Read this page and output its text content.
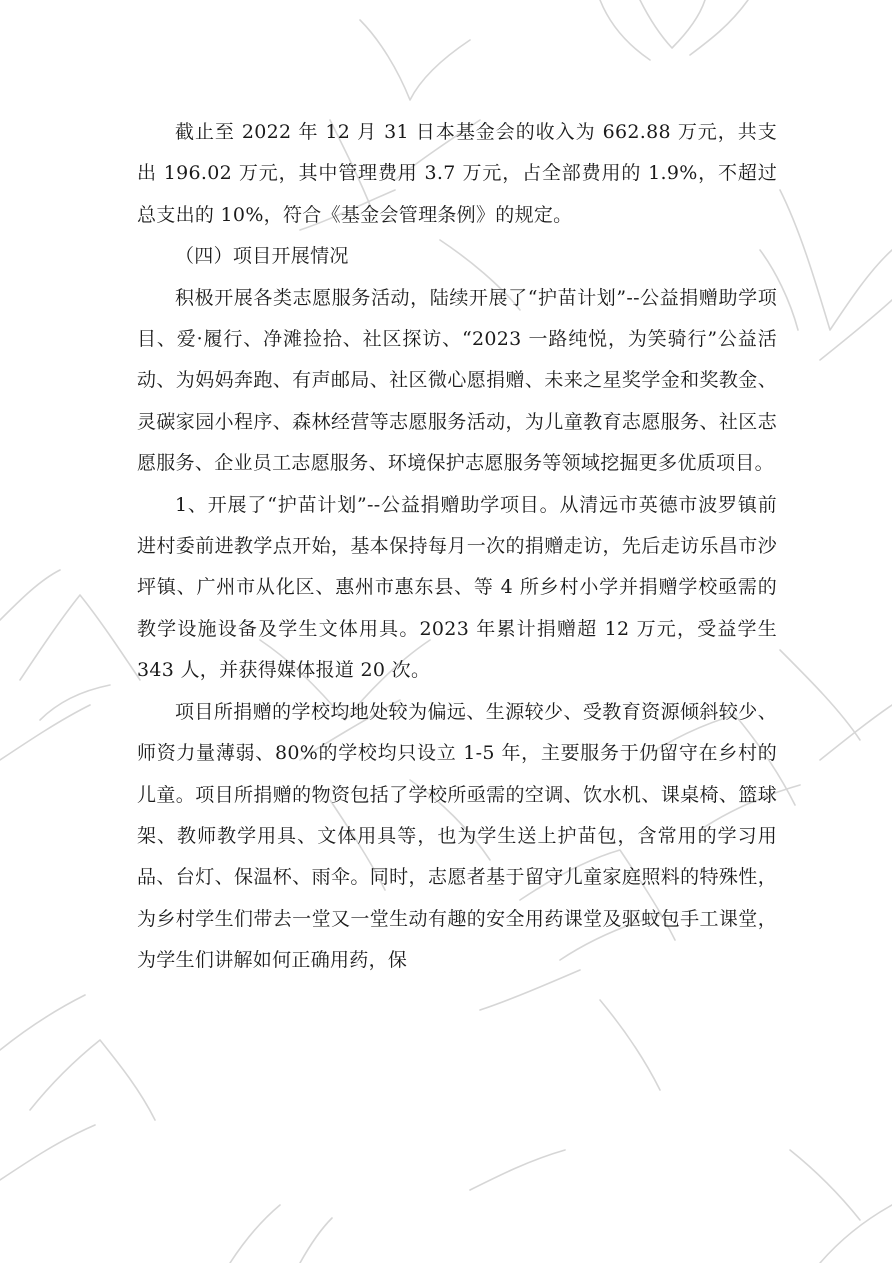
截止至 2022 年 12 月 31 日本基金会的收入为 662.88 万元，共支出 196.02 万元，其中管理费用 3.7 万元，占全部费用的 1.9%，不超过总支出的 10%，符合《基金会管理条例》的规定。

（四）项目开展情况

积极开展各类志愿服务活动，陆续开展了“护苗计划”--公益捐赠助学项目、爱·履行、净滩捡拾、社区探访、“2023 一路纯悦，为笑骑行”公益活动、为妈妈奔跑、有声邮局、社区微心愿捐赠、未来之星奖学金和奖教金、灵碳家园小程序、森林经营等志愿服务活动，为儿童教育志愿服务、社区志愿服务、企业员工志愿服务、环境保护志愿服务等领域挖掘更多优质项目。

1、开展了“护苗计划”--公益捐赠助学项目。从清远市英德市波罗镇前进村委前进教学点开始，基本保持每月一次的捐赠走访，先后走访乐昌市沙坪镇、广州市从化区、惠州市惠东县、等 4 所乡村小学并捐赠学校亟需的教学设施设备及学生文体用具。2023 年累计捐赠超 12 万元，受益学生 343 人，并获得媒体报道 20 次。

项目所捐赠的学校均地处较为偏远、生源较少、受教育资源倾斜较少、师资力量薄弱、80%的学校均只设立 1-5 年，主要服务于仍留守在乡村的儿童。项目所捐赠的物资包括了学校所亟需的空调、饮水机、课桌椅、篮球架、教师教学用具、文体用具等，也为学生送上护苗包，含常用的学习用品、台灯、保温杯、雨伞。同时，志愿者基于留守儿童家庭照料的特殊性，为乡村学生们带去一堂又一堂生动有趣的安全用药课堂及驱蚊包手工课堂，为学生们讲解如何正确用药，保
